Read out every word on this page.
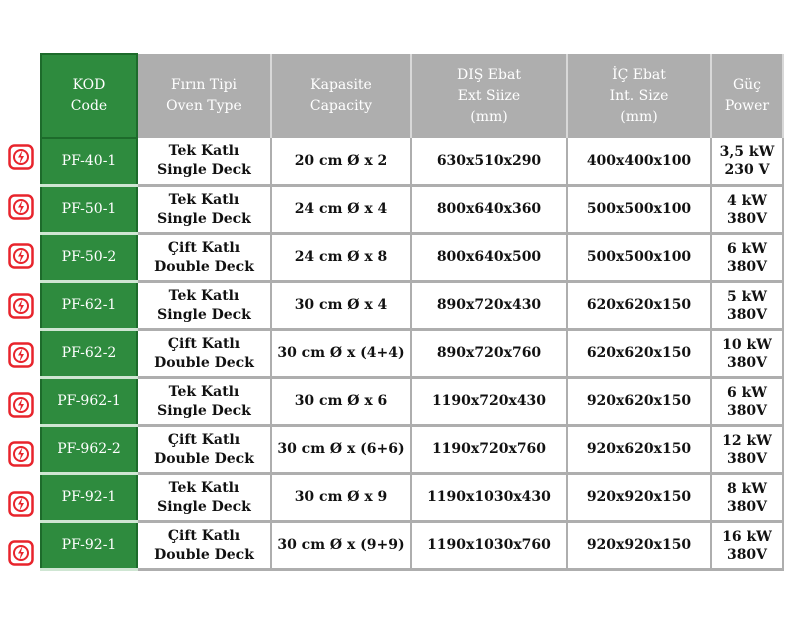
KOD
Code	Fırın Tipi
Oven Type	Kapasite
Capacity	DIŞ Ebat
Ext Siize
(mm)	İÇ Ebat
Int. Size
(mm)	Güç
Power

PF-40-1	Tek Katlı
Single Deck	20 cm Ø x 2	630x510x290	400x400x100	3,5 kW
230 V

PF-50-1	Tek Katlı
Single Deck	24 cm Ø x 4	800x640x360	500x500x100	4 kW
380V

PF-50-2	Çift Katlı
Double Deck	24 cm Ø x 8	800x640x500	500x500x100	6 kW
380V

PF-62-1	Tek Katlı
Single Deck	30 cm Ø x 4	890x720x430	620x620x150	5 kW
380V

PF-62-2	Çift Katlı
Double Deck	30 cm Ø x (4+4)	890x720x760	620x620x150	10 kW
380V

PF-962-1	Tek Katlı
Single Deck	30 cm Ø x 6	1190x720x430	920x620x150	6 kW
380V

PF-962-2	Çift Katlı
Double Deck	30 cm Ø x (6+6)	1190x720x760	920x620x150	12 kW
380V

PF-92-1	Tek Katlı
Single Deck	30 cm Ø x 9	1190x1030x430	920x920x150	8 kW
380V

PF-92-1	Çift Katlı
Double Deck	30 cm Ø x (9+9)	1190x1030x760	920x920x150	16 kW
380V
